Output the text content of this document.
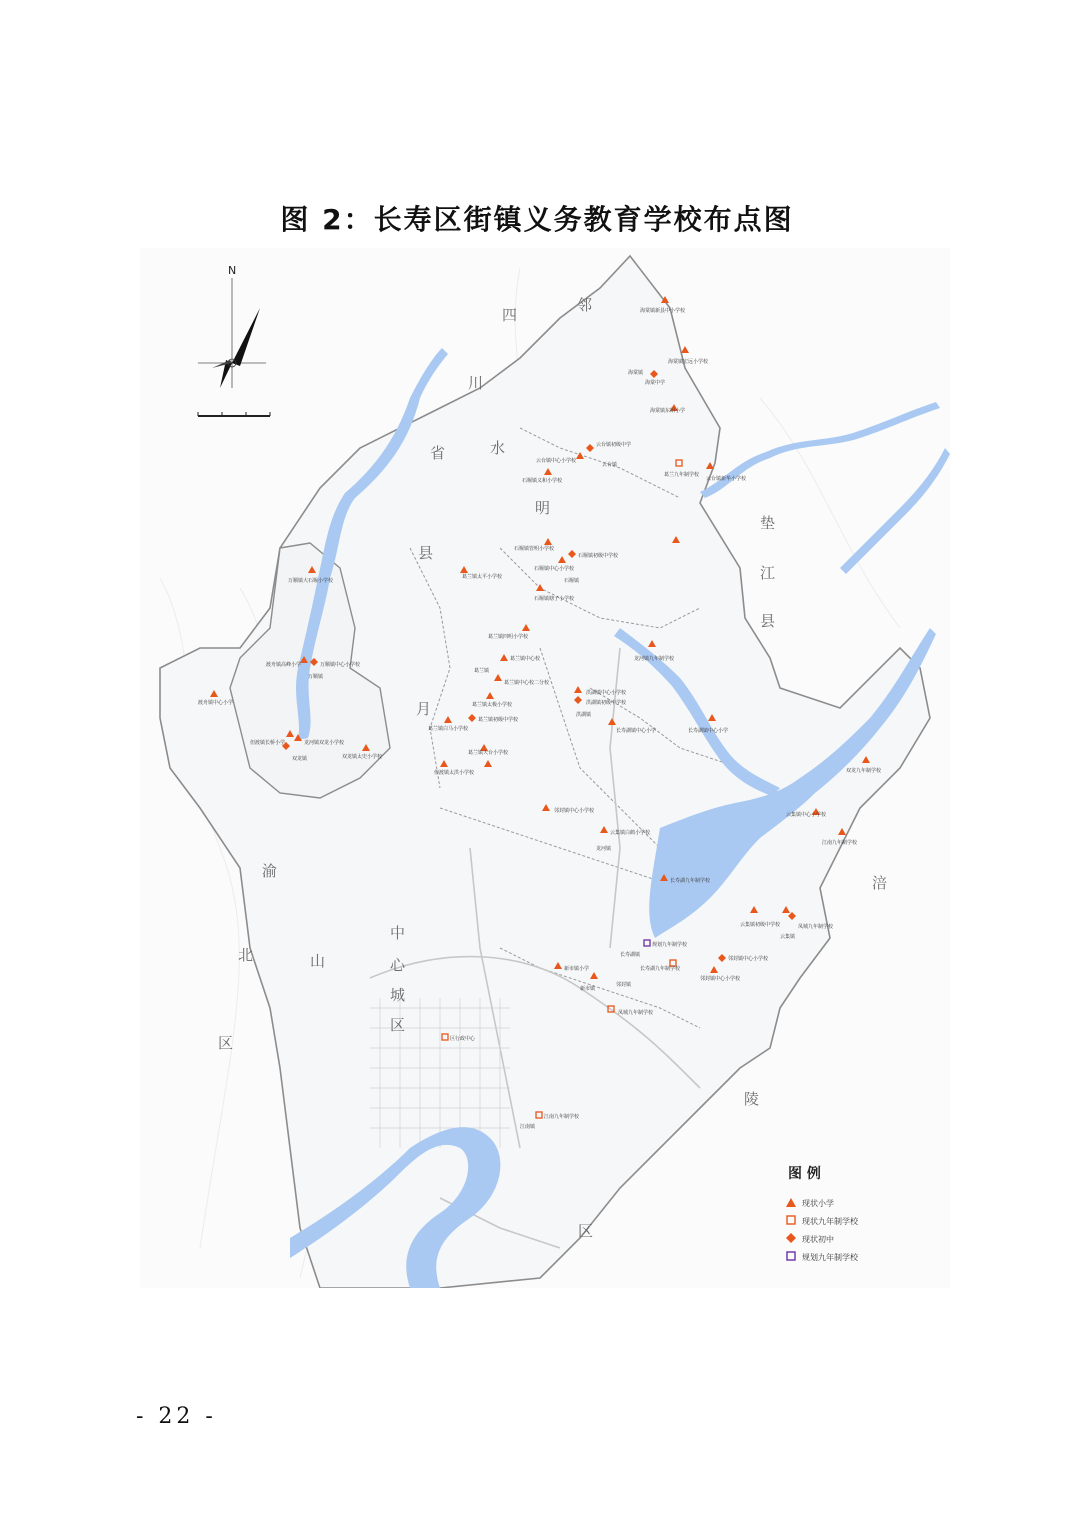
图 2：长寿区街镇义务教育学校布点图
N
四
川
省
邻
水
明
县
月
垫
江
县
渝
北
区
山
中
心
城
区
涪
陵
区
海棠镇新县中小学校
海棠镇宏远小学校
海棠中学
海棠镇
海棠镇东阳小学
云台镇初级中学
云台镇中心小学校
云台镇
石堰镇义和小学校
葛兰九年制学校
云台镇新华小学校
石堰镇管明小学校
石堰镇初级中学校
石堰镇中心小学校
石堰镇
石堰镇塘子小学校
葛兰镇太平小学校
葛兰镇四明小学校
葛兰镇中心校
葛兰镇
葛兰镇中心校二分校
葛兰镇太极小学校
葛兰镇初级中学校
葛兰镇白马小学校
葛兰镇天台小学校
但渡镇太洪小学校
万顺镇大石堰小学校
渡舟镇高峰小学	万顺镇中心小学校
万顺镇
渡舟镇中心小学
但渡镇长桥小学	龙河镇双龙小学校
双龙镇	双龙镇太史小学校
洪湖镇中心小学校
洪湖镇初级中学校
洪湖镇
长寿湖镇中心小学
龙河镇九年制学校
长寿湖镇中心小学
邻封镇中心小学校
云集镇白鹤小学校
龙河镇
长寿湖九年制学校
双龙九年制学校
云集镇中心小学校
江南九年制学校
云集镇初级中学校	凤城九年制学校
云集镇
规划九年制学校
长寿湖镇
长寿湖九年制学校
邻封镇中心小学校
邻封镇中心小学校
新市镇小学
新市镇
邻封镇
凤城九年制学校
区行政中心
江南九年制学校
江南镇
图 例
现状小学
现状九年制学校
现状初中
规划九年制学校
- 22 -
